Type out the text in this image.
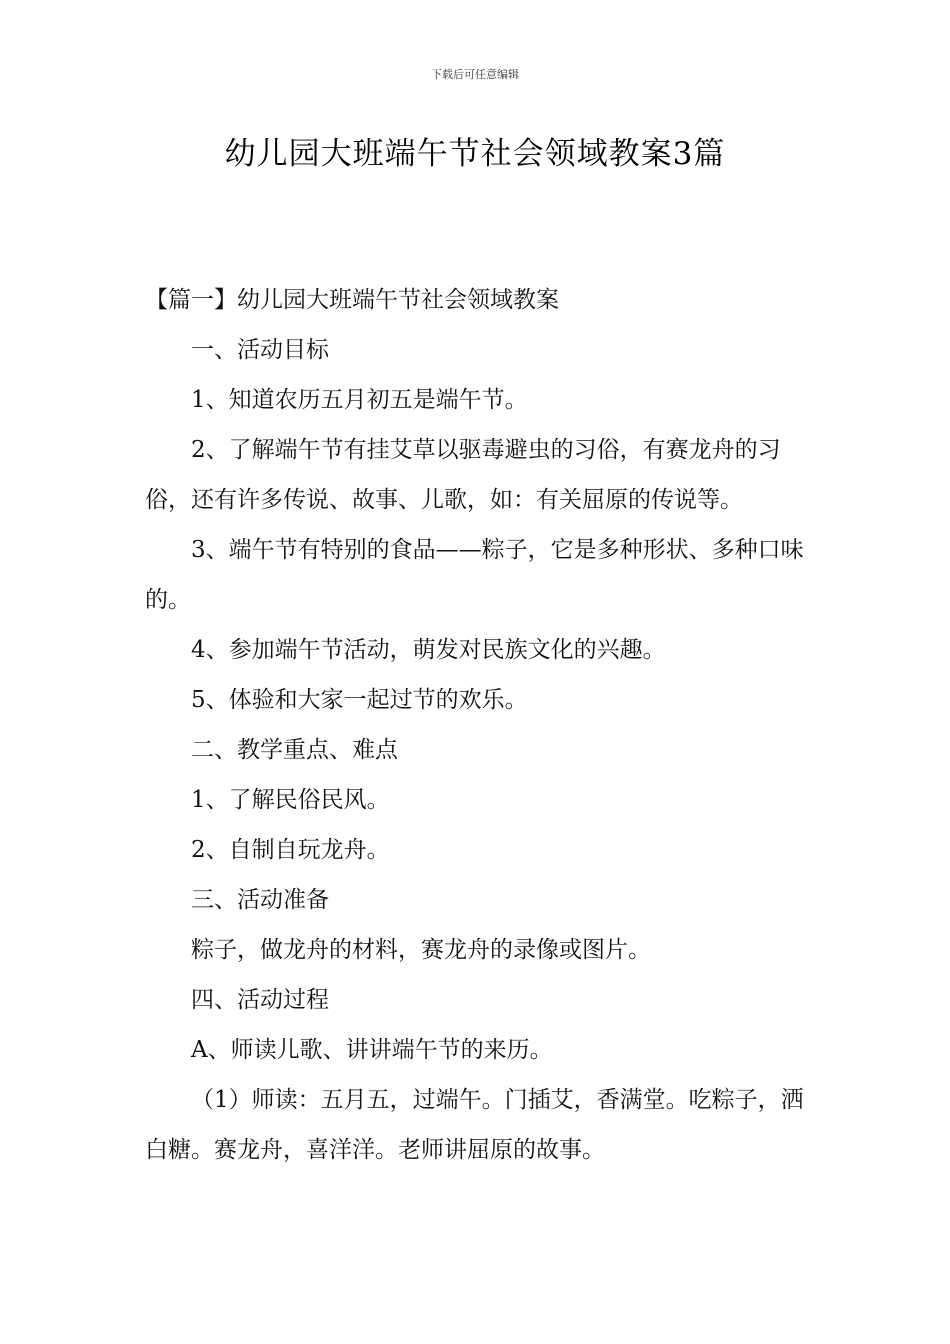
下载后可任意编辑
幼儿园大班端午节社会领域教案3篇

【篇一】幼儿园大班端午节社会领域教案

一、活动目标

1、知道农历五月初五是端午节。

2、了解端午节有挂艾草以驱毒避虫的习俗，有赛龙舟的习俗，还有许多传说、故事、儿歌，如：有关屈原的传说等。

3、端午节有特别的食品——粽子，它是多种形状、多种口味的。

4、参加端午节活动，萌发对民族文化的兴趣。

5、体验和大家一起过节的欢乐。

二、教学重点、难点

1、了解民俗民风。

2、自制自玩龙舟。

三、活动准备

粽子，做龙舟的材料，赛龙舟的录像或图片。

四、活动过程

A、师读儿歌、讲讲端午节的来历。

（1）师读：五月五，过端午。门插艾，香满堂。吃粽子，洒白糖。赛龙舟，喜洋洋。老师讲屈原的故事。
